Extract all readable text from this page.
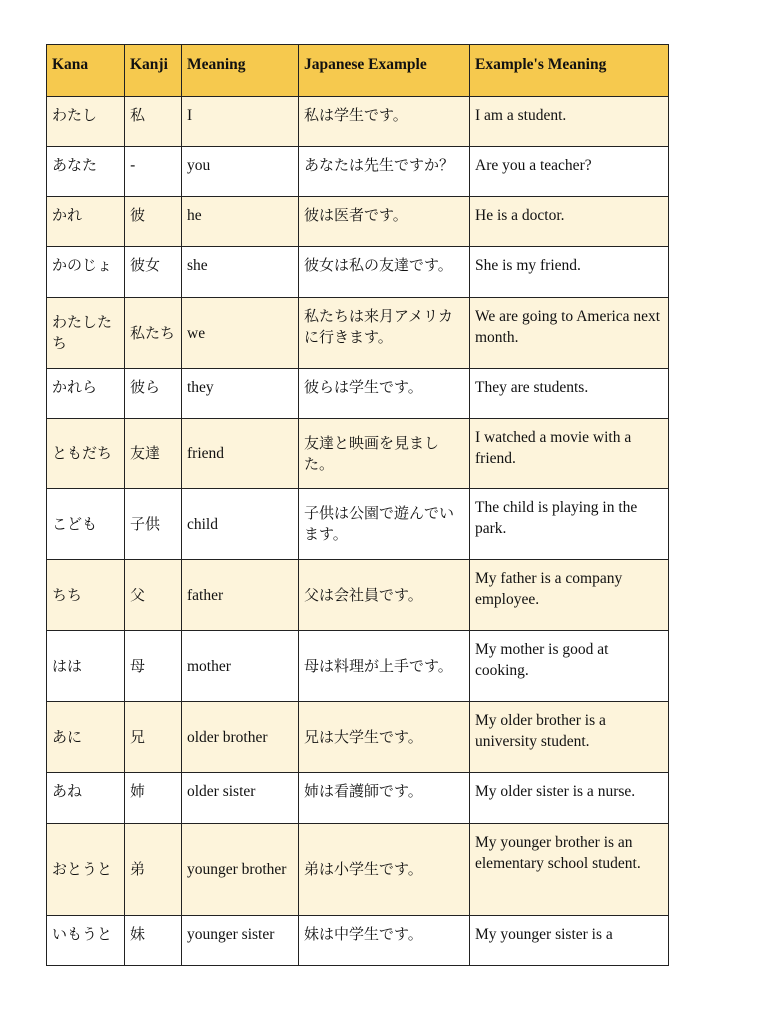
Kana	Kanji	Meaning	Japanese Example	Example's Meaning
わたし	私	I	私は学生です。	I am a student.
あなた	-	you	あなたは先生ですか？	Are you a teacher?
かれ	彼	he	彼は医者です。	He is a doctor.
かのじょ	彼女	she	彼女は私の友達です。	She is my friend.
わたしたち	私たち	we	私たちは来月アメリカに行きます。	We are going to America next month.
かれら	彼ら	they	彼らは学生です。	They are students.
ともだち	友達	friend	友達と映画を見ました。	I watched a movie with a friend.
こども	子供	child	子供は公園で遊んでいます。	The child is playing in the park.
ちち	父	father	父は会社員です。	My father is a company employee.
はは	母	mother	母は料理が上手です。	My mother is good at cooking.
あに	兄	older brother	兄は大学生です。	My older brother is a university student.
あね	姉	older sister	姉は看護師です。	My older sister is a nurse.
おとうと	弟	younger brother	弟は小学生です。	My younger brother is an elementary school student.
いもうと	妹	younger sister	妹は中学生です。	My younger sister is a
